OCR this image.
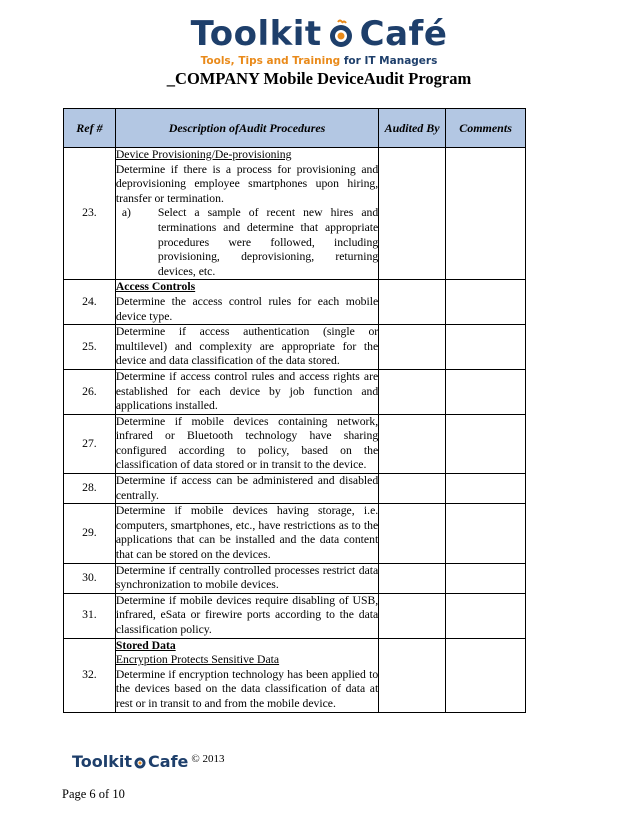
Toolkit Café
Tools, Tips and Training for IT Managers
_COMPANY Mobile DeviceAudit Program
Ref #	Description ofAudit Procedures	Audited By	Comments
23.	Device Provisioning/De-provisioning
Determine if there is a process for provisioning and deprovisioning employee smartphones upon hiring, transfer or termination.
a) Select a sample of recent new hires and terminations and determine that appropriate procedures were followed, including provisioning, deprovisioning, returning devices, etc.		

24.	Access Controls
Determine the access control rules for each mobile device type.		

25.	Determine if access authentication (single or multilevel) and complexity are appropriate for the device and data classification of the data stored.		

26.	Determine if access control rules and access rights are established for each device by job function and applications installed.		

27.	Determine if mobile devices containing network, infrared or Bluetooth technology have sharing configured according to policy, based on the classification of data stored or in transit to the device.		

28.	Determine if access can be administered and disabled centrally.		

29.	Determine if mobile devices having storage, i.e. computers, smartphones, etc., have restrictions as to the applications that can be installed and the data content that can be stored on the devices.		

30.	Determine if centrally controlled processes restrict data synchronization to mobile devices.		

31.	Determine if mobile devices require disabling of USB, infrared, eSata or firewire ports according to the data classification policy.		

32.	Stored Data
Encryption Protects Sensitive Data
Determine if encryption technology has been applied to the devices based on the data classification of data at rest or in transit to and from the mobile device.		

Toolkit Cafe © 2013
Page 6 of 10
